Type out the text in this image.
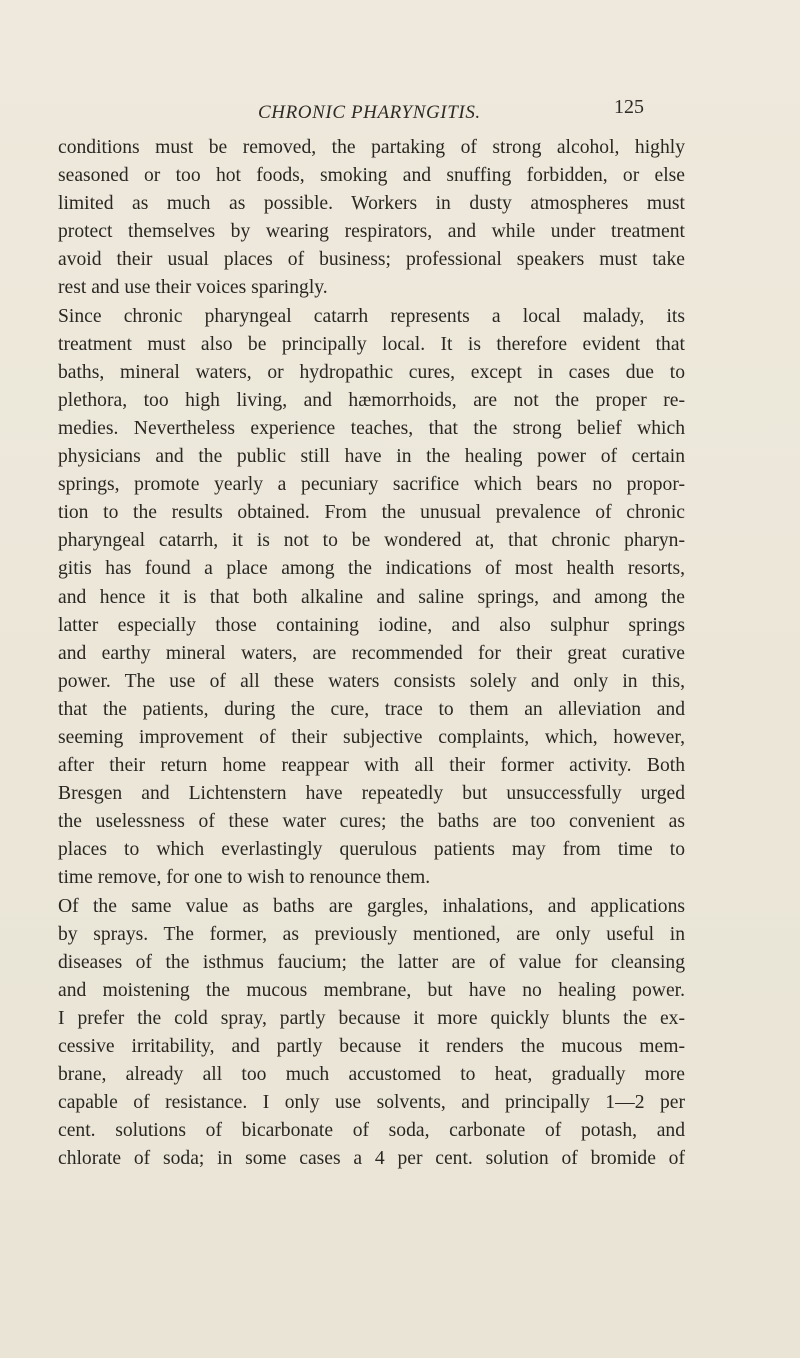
CHRONIC PHARYNGITIS.	125
conditions must be removed, the partaking of strong alcohol, highly
seasoned or too hot foods, smoking and snuffing forbidden, or else
limited as much as possible. Workers in dusty atmospheres must
protect themselves by wearing respirators, and while under treatment
avoid their usual places of business; professional speakers must take
rest and use their voices sparingly.
Since chronic pharyngeal catarrh represents a local malady, its
treatment must also be principally local. It is therefore evident that
baths, mineral waters, or hydropathic cures, except in cases due to
plethora, too high living, and hæmorrhoids, are not the proper re-
medies. Nevertheless experience teaches, that the strong belief which
physicians and the public still have in the healing power of certain
springs, promote yearly a pecuniary sacrifice which bears no propor-
tion to the results obtained. From the unusual prevalence of chronic
pharyngeal catarrh, it is not to be wondered at, that chronic pharyn-
gitis has found a place among the indications of most health resorts,
and hence it is that both alkaline and saline springs, and among the
latter especially those containing iodine, and also sulphur springs
and earthy mineral waters, are recommended for their great curative
power. The use of all these waters consists solely and only in this,
that the patients, during the cure, trace to them an alleviation and
seeming improvement of their subjective complaints, which, however,
after their return home reappear with all their former activity. Both
Bresgen and Lichtenstern have repeatedly but unsuccessfully urged
the uselessness of these water cures; the baths are too convenient as
places to which everlastingly querulous patients may from time to
time remove, for one to wish to renounce them.
Of the same value as baths are gargles, inhalations, and applications
by sprays. The former, as previously mentioned, are only useful in
diseases of the isthmus faucium; the latter are of value for cleansing
and moistening the mucous membrane, but have no healing power.
I prefer the cold spray, partly because it more quickly blunts the ex-
cessive irritability, and partly because it renders the mucous mem-
brane, already all too much accustomed to heat, gradually more
capable of resistance. I only use solvents, and principally 1—2 per
cent. solutions of bicarbonate of soda, carbonate of potash, and
chlorate of soda; in some cases a 4 per cent. solution of bromide of
